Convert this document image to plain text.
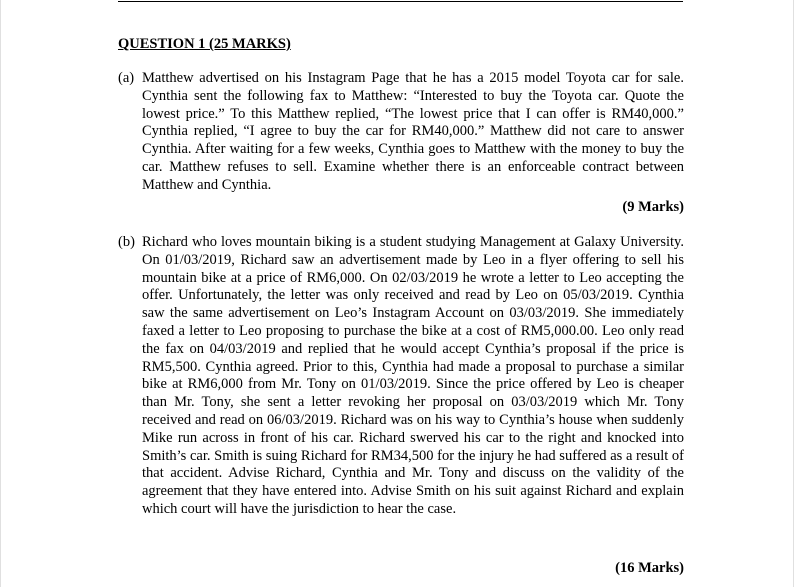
QUESTION 1 (25 MARKS)
(a) Matthew advertised on his Instagram Page that he has a 2015 model Toyota car for sale. Cynthia sent the following fax to Matthew: “Interested to buy the Toyota car. Quote the lowest price.” To this Matthew replied, “The lowest price that I can offer is RM40,000.” Cynthia replied, “I agree to buy the car for RM40,000.” Matthew did not care to answer Cynthia. After waiting for a few weeks, Cynthia goes to Matthew with the money to buy the car. Matthew refuses to sell. Examine whether there is an enforceable contract between Matthew and Cynthia.
(9 Marks)
(b) Richard who loves mountain biking is a student studying Management at Galaxy University. On 01/03/2019, Richard saw an advertisement made by Leo in a flyer offering to sell his mountain bike at a price of RM6,000. On 02/03/2019 he wrote a letter to Leo accepting the offer. Unfortunately, the letter was only received and read by Leo on 05/03/2019. Cynthia saw the same advertisement on Leo’s Instagram Account on 03/03/2019. She immediately faxed a letter to Leo proposing to purchase the bike at a cost of RM5,000.00. Leo only read the fax on 04/03/2019 and replied that he would accept Cynthia’s proposal if the price is RM5,500. Cynthia agreed. Prior to this, Cynthia had made a proposal to purchase a similar bike at RM6,000 from Mr. Tony on 01/03/2019. Since the price offered by Leo is cheaper than Mr. Tony, she sent a letter revoking her proposal on 03/03/2019 which Mr. Tony received and read on 06/03/2019. Richard was on his way to Cynthia’s house when suddenly Mike run across in front of his car. Richard swerved his car to the right and knocked into Smith’s car. Smith is suing Richard for RM34,500 for the injury he had suffered as a result of that accident. Advise Richard, Cynthia and Mr. Tony and discuss on the validity of the agreement that they have entered into. Advise Smith on his suit against Richard and explain which court will have the jurisdiction to hear the case.
(16 Marks)
